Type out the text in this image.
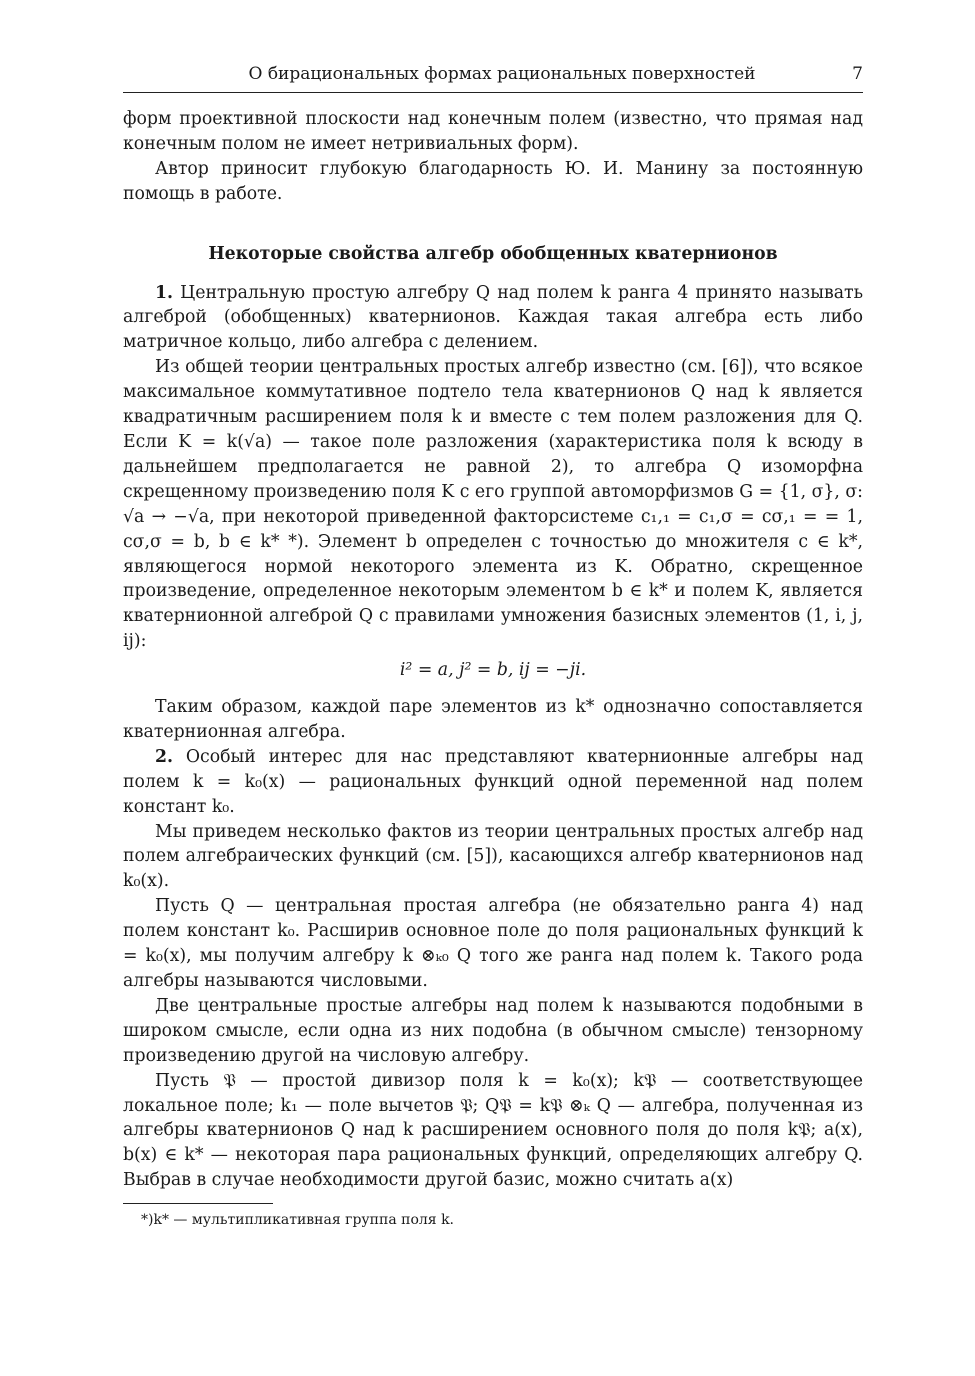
О бирациональных формах рациональных поверхностей	7

форм проективной плоскости над конечным полем (известно, что прямая над конечным полом не имеет нетривиальных форм).

Автор приносит глубокую благодарность Ю. И. Манину за постоянную помощь в работе.

Некоторые свойства алгебр обобщенных кватернионов

1. Центральную простую алгебру Q над полем k ранга 4 принято называть алгеброй (обобщенных) кватернионов. Каждая такая алгебра есть либо матричное кольцо, либо алгебра с делением.

Из общей теории центральных простых алгебр известно (см. [6]), что всякое максимальное коммутативное подтело тела кватернионов Q над k является квадратичным расширением поля k и вместе с тем полем разложения для Q. Если K = k(√a) — такое поле разложения (характеристика поля k всюду в дальнейшем предполагается не равной 2), то алгебра Q изоморфна скрещенному произведению поля K с его группой автоморфизмов G = {1, σ}, σ: √a → −√a, при некоторой приведенной факторсистеме c₁,₁ = c₁,σ = cσ,₁ = = 1, cσ,σ = b, b ∈ k* *). Элемент b определен с точностью до множителя c ∈ k*, являющегося нормой некоторого элемента из K. Обратно, скрещенное произведение, определенное некоторым элементом b ∈ k* и полем K, является кватернионной алгеброй Q с правилами умножения базисных элементов (1, i, j, ij):

i² = a, j² = b, ij = −ji.

Таким образом, каждой паре элементов из k* однозначно сопоставляется кватернионная алгебра.

2. Особый интерес для нас представляют кватернионные алгебры над полем k = k₀(x) — рациональных функций одной переменной над полем констант k₀.

Мы приведем несколько фактов из теории центральных простых алгебр над полем алгебраических функций (см. [5]), касающихся алгебр кватернионов над k₀(x).

Пусть Q — центральная простая алгебра (не обязательно ранга 4) над полем констант k₀. Расширив основное поле до поля рациональных функций k = k₀(x), мы получим алгебру k ⊗ₖ₀ Q того же ранга над полем k. Такого рода алгебры называются числовыми.

Две центральные простые алгебры над полем k называются подобными в широком смысле, если одна из них подобна (в обычном смысле) тензорному произведению другой на числовую алгебру.

Пусть 𝔓 — простой дивизор поля k = k₀(x); k𝔓 — соответствующее локальное поле; k₁ — поле вычетов 𝔓; Q𝔓 = k𝔓 ⊗ₖ Q — алгебра, полученная из алгебры кватернионов Q над k расширением основного поля до поля k𝔓; a(x), b(x) ∈ k* — некоторая пара рациональных функций, определяющих алгебру Q. Выбрав в случае необходимости другой базис, можно считать a(x)

*)k* — мультипликативная группа поля k.
